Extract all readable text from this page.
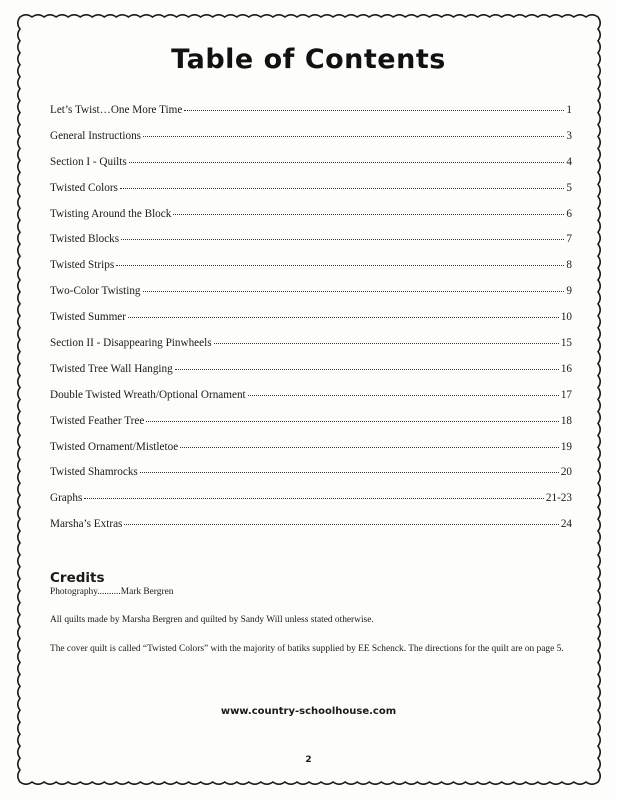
Table of Contents
Let’s Twist…One More Time	1
General Instructions	3
Section I - Quilts	4
Twisted Colors	5
Twisting Around the Block	6
Twisted Blocks	7
Twisted Strips	8
Two-Color Twisting	9
Twisted Summer	10
Section II - Disappearing Pinwheels	15
Twisted Tree Wall Hanging	16
Double Twisted Wreath/Optional Ornament	17
Twisted Feather Tree	18
Twisted Ornament/Mistletoe	19
Twisted Shamrocks	20
Graphs	21-23
Marsha’s Extras	24
Credits
Photography..........Mark Bergren
All quilts made by Marsha Bergren and quilted by Sandy Will unless stated otherwise.
The cover quilt is called “Twisted Colors” with the majority of batiks supplied by EE Schenck. The directions for the quilt are on page 5.
www.country-schoolhouse.com
2
